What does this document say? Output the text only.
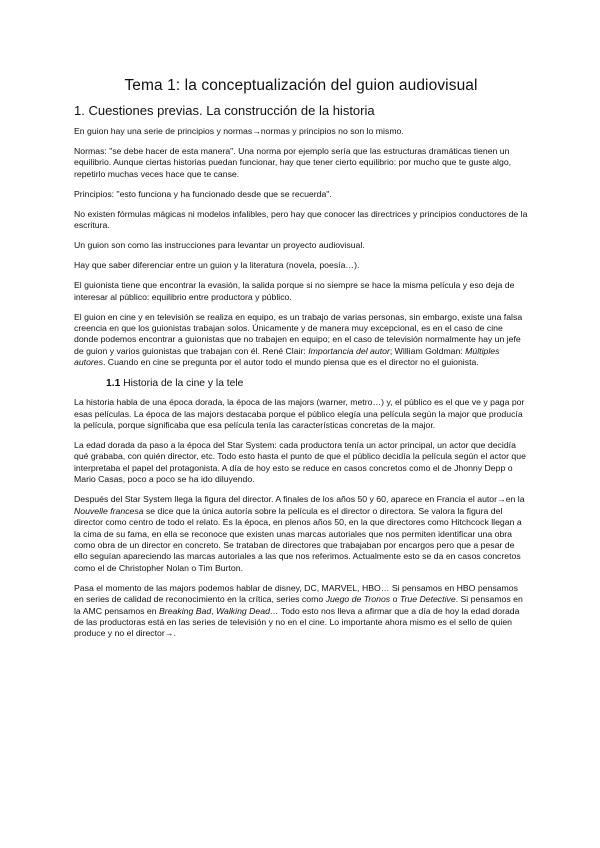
Tema 1: la conceptualización del guion audiovisual
1. Cuestiones previas. La construcción de la historia

En guion hay una serie de principios y normas→normas y principios no son lo mismo.

Normas: "se debe hacer de esta manera". Una norma por ejemplo sería que las estructuras dramáticas tienen un equilibrio. Aunque ciertas historias puedan funcionar, hay que tener cierto equilibrio: por mucho que te guste algo, repetirlo muchas veces hace que te canse.

Principios: "esto funciona y ha funcionado desde que se recuerda".

No existen fórmulas mágicas ni modelos infalibles, pero hay que conocer las directrices y principios conductores de la escritura.

Un guion son como las instrucciones para levantar un proyecto audiovisual.

Hay que saber diferenciar entre un guion y la literatura (novela, poesía…).

El guionista tiene que encontrar la evasión, la salida porque si no siempre se hace la misma película y eso deja de interesar al público: equilibrio entre productora y público.

El guion en cine y en televisión se realiza en equipo, es un trabajo de varias personas, sin embargo, existe una falsa creencia en que los guionistas trabajan solos. Únicamente y de manera muy excepcional, es en el caso de cine donde podemos encontrar a guionistas que no trabajen en equipo; en el caso de televisión normalmente hay un jefe de guion y varios guionistas que trabajan con él. René Clair: Importancia del autor; William Goldman: Múltiples autores. Cuando en cine se pregunta por el autor todo el mundo piensa que es el director no el guionista.

1.1 Historia de la cine y la tele

La historia habla de una época dorada, la época de las majors (warner, metro…) y, el público es el que ve y paga por esas películas. La época de las majors destacaba porque el público elegía una película según la major que producía la película, porque significaba que esa película tenía las características concretas de la major.

La edad dorada da paso a la época del Star System: cada productora tenía un actor principal, un actor que decidía qué grababa, con quién director, etc. Todo esto hasta el punto de que el público decidía la película según el actor que interpretaba el papel del protagonista. A día de hoy esto se reduce en casos concretos como el de Jhonny Depp o Mario Casas, poco a poco se ha ido diluyendo.

Después del Star System llega la figura del director. A finales de los años 50 y 60, aparece en Francia el autor→en la Nouvelle francesa se dice que la única autoría sobre la película es el director o directora. Se valora la figura del director como centro de todo el relato. Es la época, en plenos años 50, en la que directores como Hitchcock llegan a la cima de su fama, en ella se reconoce que existen unas marcas autoriales que nos permiten identificar una obra como obra de un director en concreto. Se trataban de directores que trabajaban por encargos pero que a pesar de ello seguían apareciendo las marcas autoriales a las que nos referimos. Actualmente esto se da en casos concretos como el de Christopher Nolan o Tim Burton.

Pasa el momento de las majors podemos hablar de disney, DC, MARVEL, HBO… Si pensamos en HBO pensamos en series de calidad de reconocimiento en la crítica, series como Juego de Tronos o True Detective. Si pensamos en la AMC pensamos en Breaking Bad, Walking Dead… Todo esto nos lleva a afirmar que a día de hoy la edad dorada de las productoras está en las series de televisión y no en el cine. Lo importante ahora mismo es el sello de quien produce y no el director→.
